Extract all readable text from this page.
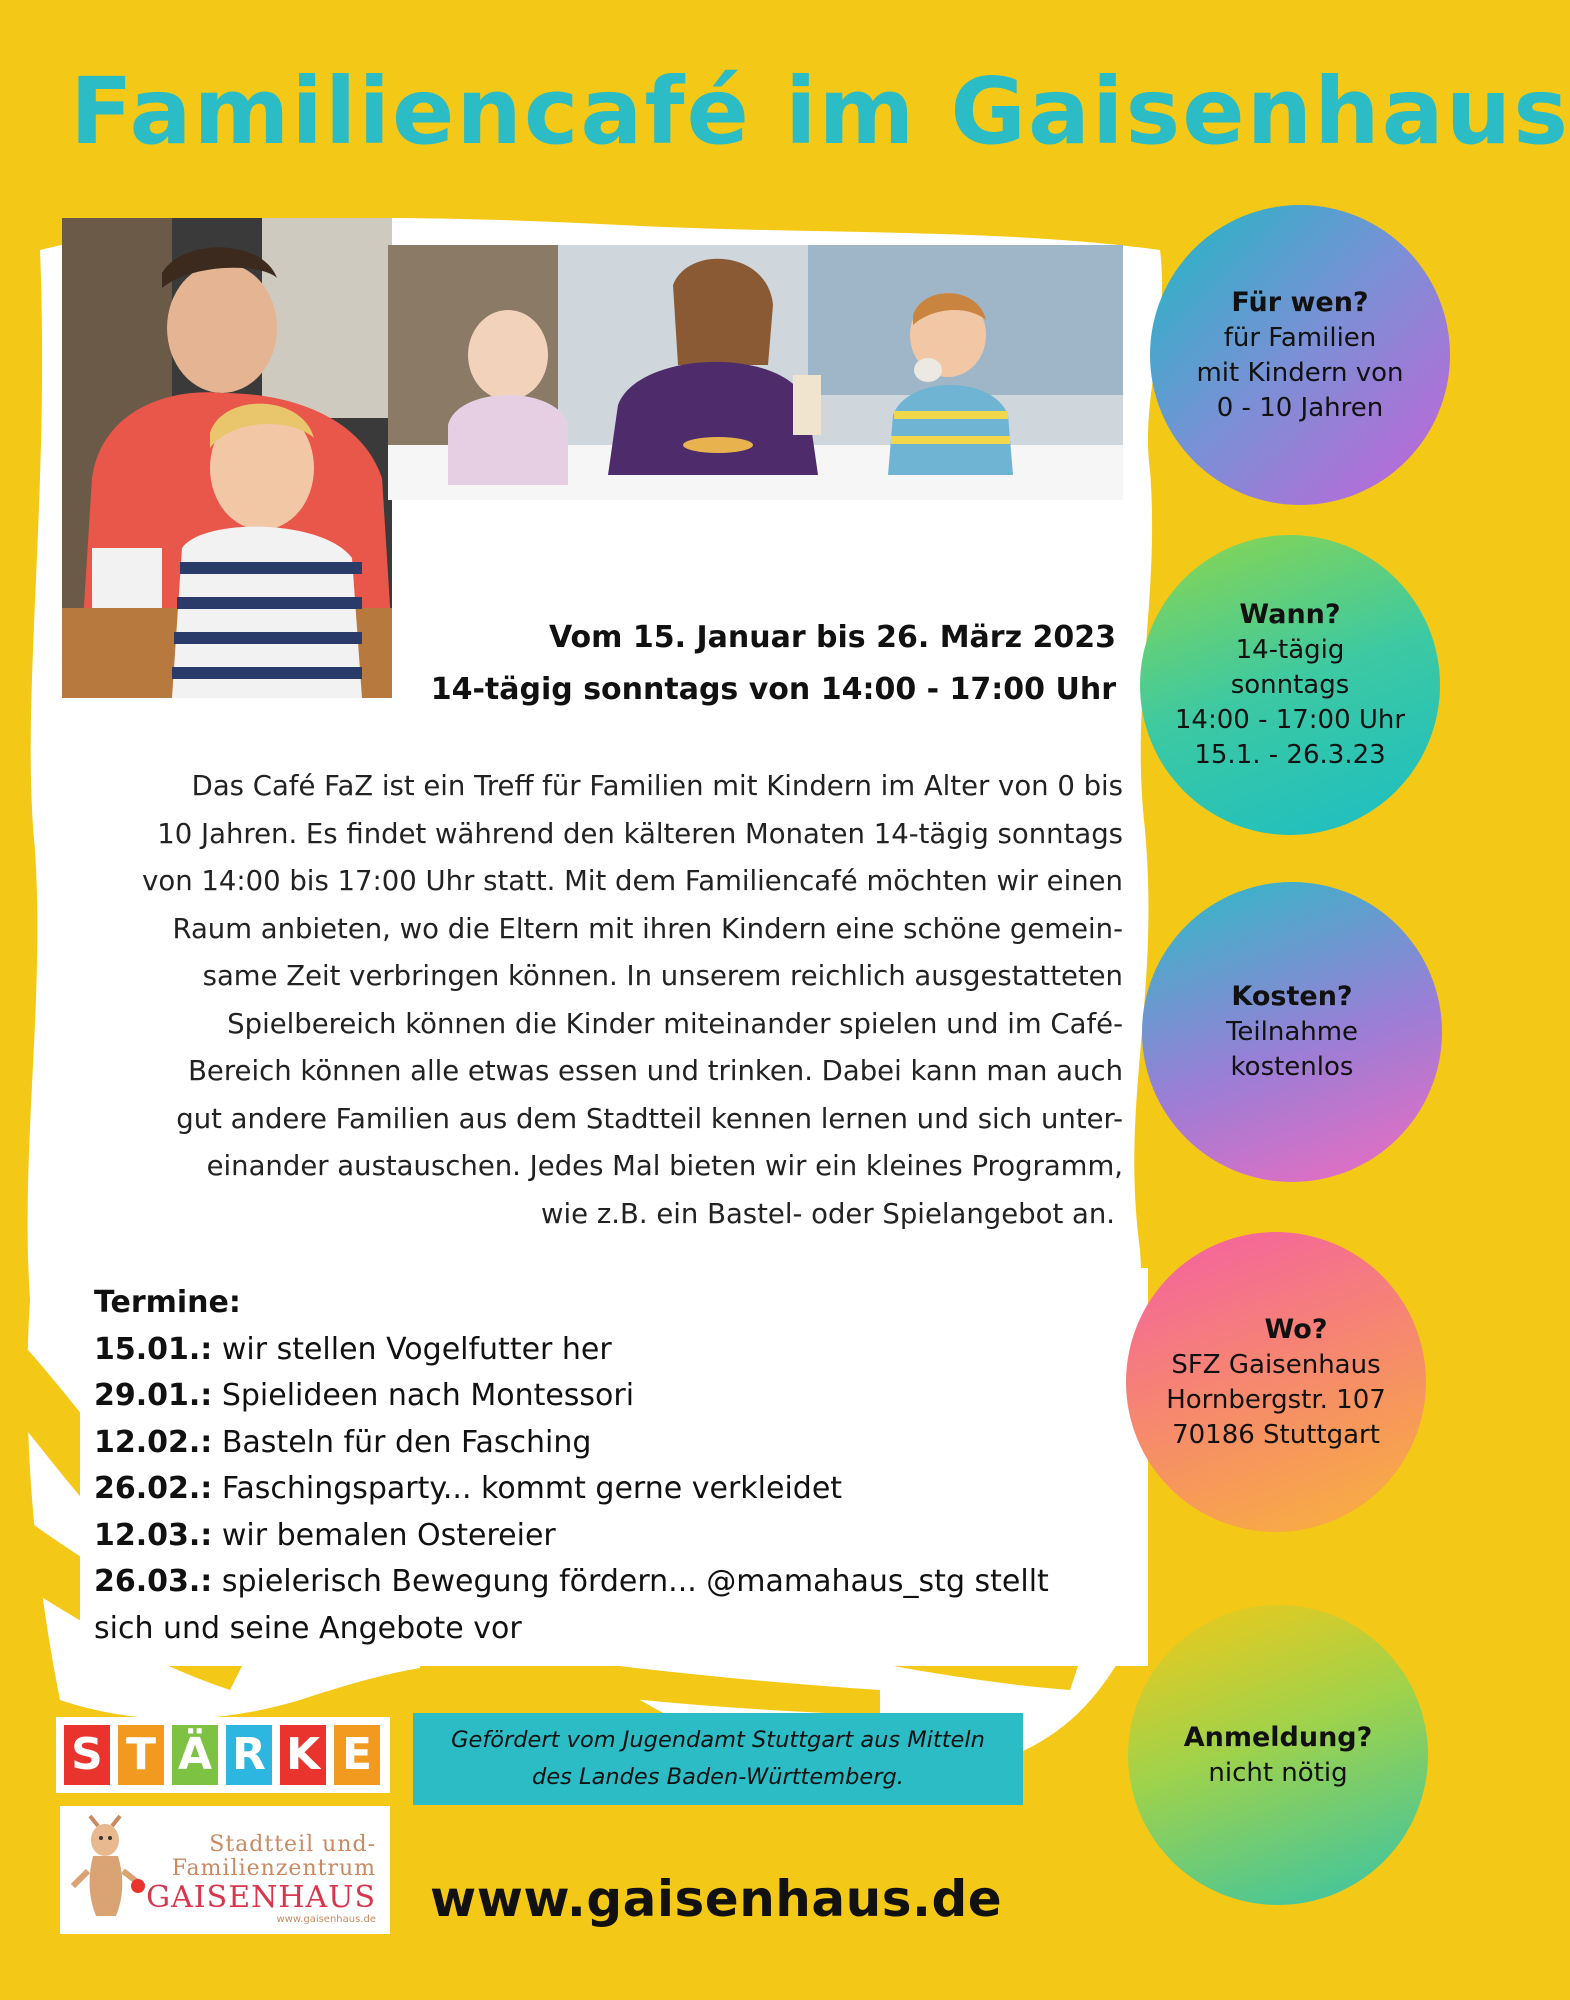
Familiencafé im Gaisenhaus
Vom 15. Januar bis 26. März 2023
14-tägig sonntags von 14:00 - 17:00 Uhr
Das Café FaZ ist ein Treff für Familien mit Kindern im Alter von 0 bis
10 Jahren. Es findet während den kälteren Monaten 14-tägig sonntags
von 14:00 bis 17:00 Uhr statt. Mit dem Familiencafé möchten wir einen
Raum anbieten, wo die Eltern mit ihren Kindern eine schöne gemein-
same Zeit verbringen können. In unserem reichlich ausgestatteten
Spielbereich können die Kinder miteinander spielen und im Café-
Bereich können alle etwas essen und trinken. Dabei kann man auch
gut andere Familien aus dem Stadtteil kennen lernen und sich unter-
einander austauschen. Jedes Mal bieten wir ein kleines Programm,
wie z.B. ein Bastel- oder Spielangebot an.
Termine:
15.01.: wir stellen Vogelfutter her
29.01.: Spielideen nach Montessori
12.02.: Basteln für den Fasching
26.02.: Faschingsparty... kommt gerne verkleidet
12.03.: wir bemalen Ostereier
26.03.: spielerisch Bewegung fördern... @mamahaus_stg stellt
sich und seine Angebote vor
Für wen?
für Familien
mit Kindern von
0 - 10 Jahren
Wann?
14-tägig
sonntags
14:00 - 17:00 Uhr
15.1. - 26.3.23
Kosten?
Teilnahme
kostenlos
Wo?
SFZ Gaisenhaus
Hornbergstr. 107
70186 Stuttgart
Anmeldung?
nicht nötig
S T Ä R K E
Stadtteil und-
Familienzentrum
GAISENHAUS
www.gaisenhaus.de
Gefördert vom Jugendamt Stuttgart aus Mitteln
des Landes Baden-Württemberg.
www.gaisenhaus.de
